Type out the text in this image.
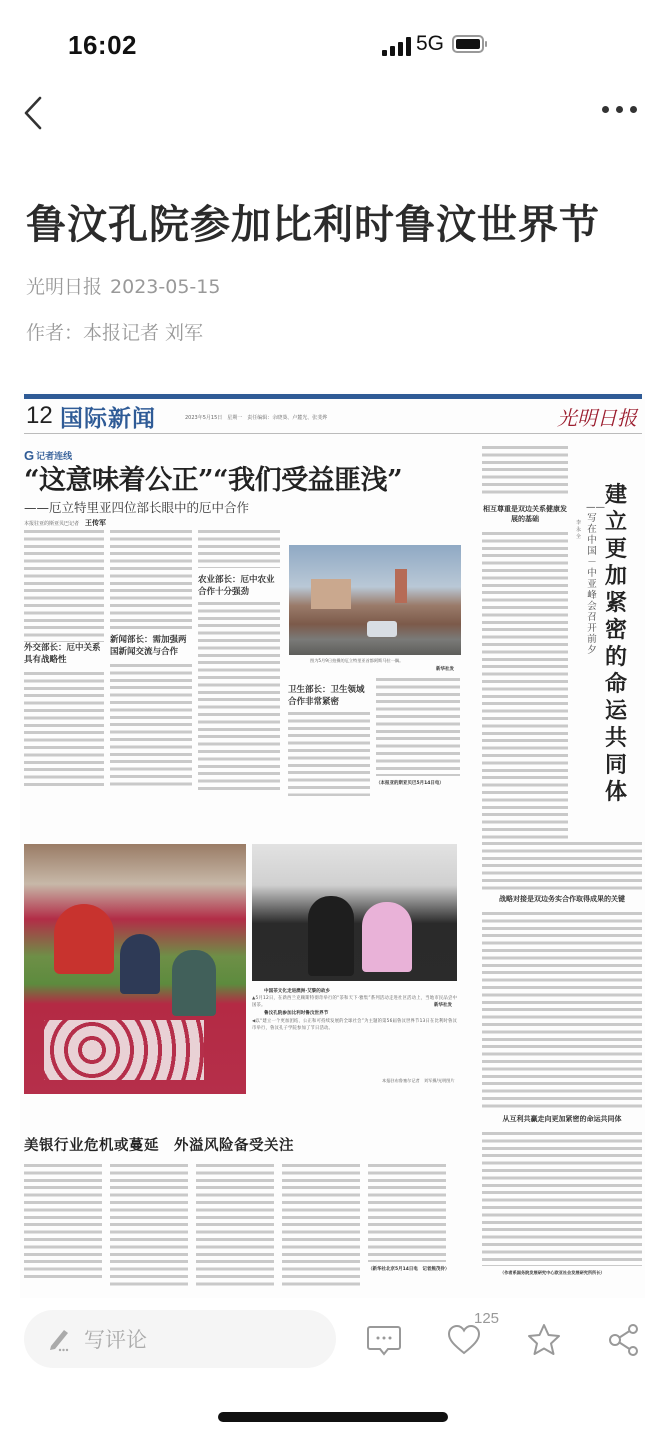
16:02	5G
鲁汶孔院参加比利时鲁汶世界节
光明日报 2023-05-15
作者：本报记者 刘军
12 国际新闻	2023年5月15日　星期一　责任编辑：余晓葵、卢麓光、张斐烨	光明日报
G 记者连线
“这意味着公正”“我们受益匪浅”
——厄立特里亚四位部长眼中的厄中合作
本报驻亚的斯亚贝巴记者 王传军
外交部长：厄中关系具有战略性
新闻部长：需加强两国新闻交流与合作
农业部长：厄中农业合作十分强劲
图为5月9日拍摄的厄立特里亚首都阿斯马拉一隅。
新华社发
卫生部长：卫生领域合作非常紧密
（本报亚的斯亚贝巴5月14日电）
中国茶文化走进澳洲·艾黎的故乡
▲5月12日，在新西兰克赖斯特彻奇举行的“茶和天下·雅集”系列活动走进社区活动上，当地市民品尝中国茶。	新华社发
鲁汶孔院参加比利时鲁汶世界节
◀以“建立一个更加团结、公正和可持续发展的全球社会”为主题的第56届鲁汶世界节13日在比利时鲁汶市举行，鲁汶孔子学院参加了节日活动。
本报驻布鲁塞尔记者　刘军摄/光明图片
美银行业危机或蔓延　外溢风险备受关注
（新华社北京5月14日电　记者熊茂伶）
相互尊重是双边关系健康发展的基础
建立更加紧密的命运共同体
——写在中国－中亚峰会召开前夕
李永全
战略对接是双边务实合作取得成果的关键
从互利共赢走向更加紧密的命运共同体
（作者系国务院发展研究中心欧亚社会发展研究所所长）
写评论
125
